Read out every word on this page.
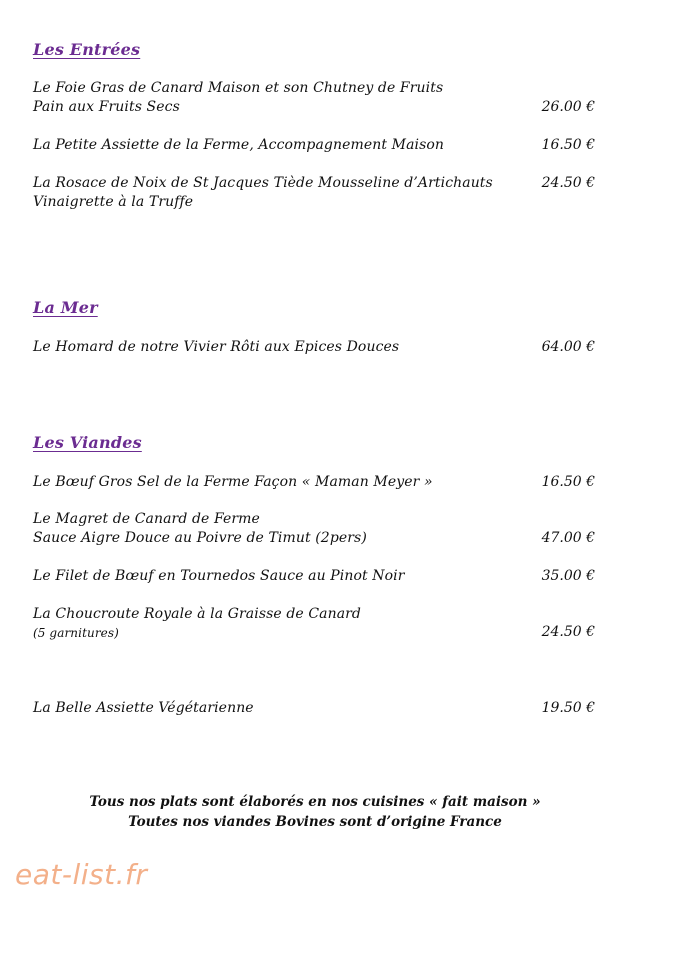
Les Entrées
Le Foie Gras de Canard Maison et son Chutney de Fruits
Pain aux Fruits Secs	26.00 €
La Petite Assiette de la Ferme, Accompagnement Maison	16.50 €
La Rosace de Noix de St Jacques Tiède Mousseline d’Artichauts
Vinaigrette à la Truffe
24.50 €
La Mer
Le Homard de notre Vivier Rôti aux Epices Douces	64.00 €
Les Viandes
Le Bœuf Gros Sel de la Ferme Façon « Maman Meyer »	16.50 €
Le Magret de Canard de Ferme
Sauce Aigre Douce au Poivre de Timut (2pers)	47.00 €
Le Filet de Bœuf en Tournedos Sauce au Pinot Noir	35.00 €
La Choucroute Royale à la Graisse de Canard
(5 garnitures)	24.50 €
La Belle Assiette Végétarienne	19.50 €
Tous nos plats sont élaborés en nos cuisines « fait maison »
Toutes nos viandes Bovines sont d’origine France
eat-list.fr
